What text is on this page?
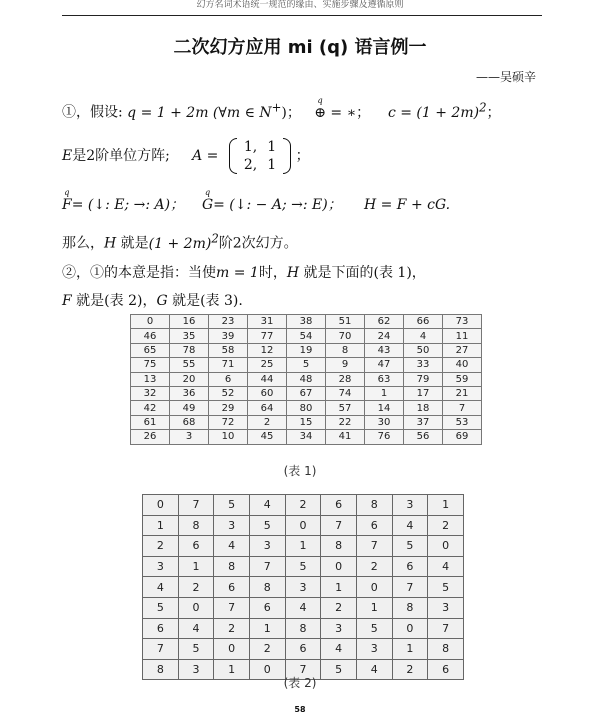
幻方名词术语统一规范的缘由、实施步骤及遵循原则
二次幻方应用 mi (q) 语言例一
——吴硕辛
①，假设: q = 1 + 2m (∀m ∈ N+)；
q
⊕ = ∗； $c = (1 + 2m)^2$；
E是2阶单位方阵; A =
1,	1
2,	1
；
q
F= (↓: E; →: A)；
q
G= (↓: − A; →: E)； H = F + cG.
那么，H 就是$(1 + 2m)^2$阶2次幻方。
②，①的本意是指：当使m = 1时，H 就是下面的(表 1)，
F 就是(表 2)，G 就是(表 3).
0	16	23	31	38	51	62	66	73
46	35	39	77	54	70	24	4	11
65	78	58	12	19	8	43	50	27
75	55	71	25	5	9	47	33	40
13	20	6	44	48	28	63	79	59
32	36	52	60	67	74	1	17	21
42	49	29	64	80	57	14	18	7
61	68	72	2	15	22	30	37	53
26	3	10	45	34	41	76	56	69
(表 1)
0	7	5	4	2	6	8	3	1
1	8	3	5	0	7	6	4	2
2	6	4	3	1	8	7	5	0
3	1	8	7	5	0	2	6	4
4	2	6	8	3	1	0	7	5
5	0	7	6	4	2	1	8	3
6	4	2	1	8	3	5	0	7
7	5	0	2	6	4	3	1	8
8	3	1	0	7	5	4	2	6
(表 2)
58
